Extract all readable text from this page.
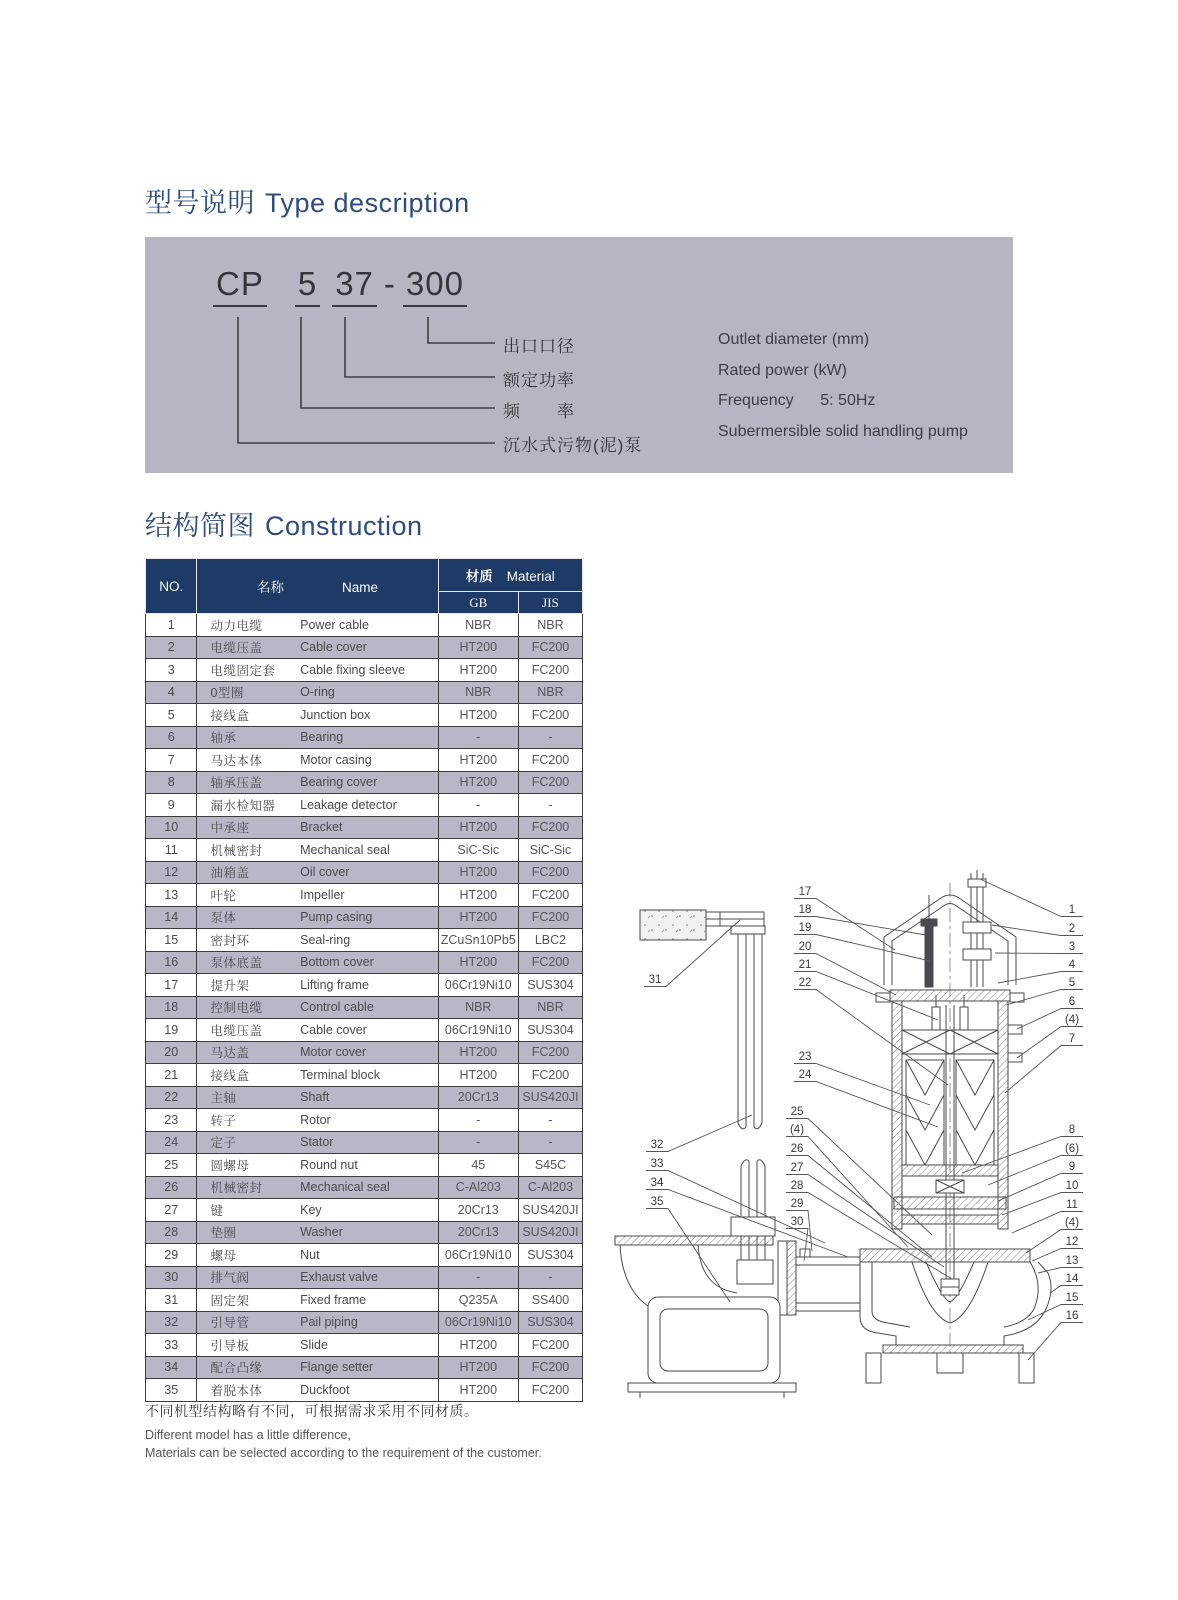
型号说明 Type description
CP 5 37 - 300
出口口径
额定功率
频　　率
沉水式污物(泥)泵
Outlet diameter (mm)
Rated power (kW)
Frequency      5: 50Hz
Subermersible solid handling pump
结构简图 Construction
NO.	名称 Name		材质 Material	
			GB	JIS
1	动力电缆	Power cable	NBR	NBR
2	电缆压盖	Cable cover	HT200	FC200
3	电缆固定套	Cable fixing sleeve	HT200	FC200
4	0型圈	O-ring	NBR	NBR
5	接线盒	Junction box	HT200	FC200
6	轴承	Bearing	-	-
7	马达本体	Motor casing	HT200	FC200
8	轴承压盖	Bearing cover	HT200	FC200
9	漏水检知器	Leakage detector	-	-
10	中承座	Bracket	HT200	FC200
11	机械密封	Mechanical seal	SiC-Sic	SiC-Sic
12	油箱盖	Oil cover	HT200	FC200
13	叶轮	Impeller	HT200	FC200
14	泵体	Pump casing	HT200	FC200
15	密封环	Seal-ring	ZCuSn10Pb5	LBC2
16	泵体底盖	Bottom cover	HT200	FC200
17	提升架	Lifting frame	06Cr19Ni10	SUS304
18	控制电缆	Control cable	NBR	NBR
19	电缆压盖	Cable cover	06Cr19Ni10	SUS304
20	马达盖	Motor cover	HT200	FC200
21	接线盒	Terminal block	HT200	FC200
22	主轴	Shaft	20Cr13	SUS420JI
23	转子	Rotor	-	-
24	定子	Stator	-	-
25	圆螺母	Round nut	45	S45C
26	机械密封	Mechanical seal	C-Al203	C-Al203
27	键	Key	20Cr13	SUS420JI
28	垫圈	Washer	20Cr13	SUS420JI
29	螺母	Nut	06Cr19Ni10	SUS304
30	排气阀	Exhaust valve	-	-
31	固定架	Fixed frame	Q235A	SS400
32	引导管	Pail piping	06Cr19Ni10	SUS304
33	引导板	Slide	HT200	FC200
34	配合凸缘	Flange setter	HT200	FC200
35	着脱本体	Duckfoot	HT200	FC200
不同机型结构略有不同，可根据需求采用不同材质。
Different model has a little difference,
Materials can be selected according to the requirement of the customer.
17
18
19
20
21
22
23
24
25
(4)
26
27
28
29
30
31
32
33
34
35
1
2
3
4
5
6
(4)
7
8
(6)
9
10
11
(4)
12
13
14
15
16
